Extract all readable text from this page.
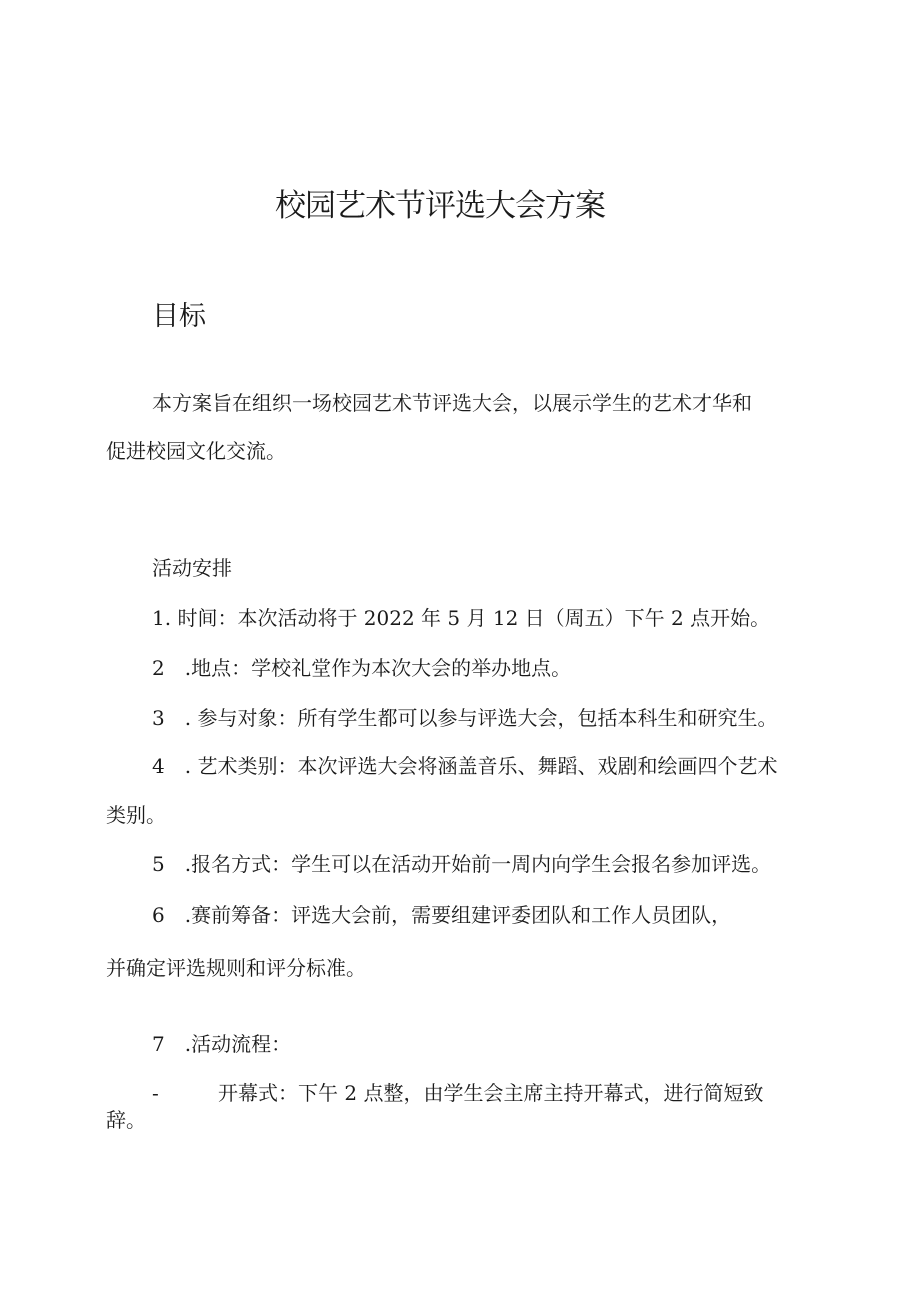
校园艺术节评选大会方案
目标
本方案旨在组织一场校园艺术节评选大会，以展示学生的艺术才华和
促进校园文化交流。
活动安排
1. 时间：本次活动将于 2022 年 5 月 12 日（周五）下午 2 点开始。
2　.地点：学校礼堂作为本次大会的举办地点。
3　. 参与对象：所有学生都可以参与评选大会，包括本科生和研究生。
4　. 艺术类别：本次评选大会将涵盖音乐、舞蹈、戏剧和绘画四个艺术
类别。
5　.报名方式：学生可以在活动开始前一周内向学生会报名参加评选。
6　.赛前筹备：评选大会前，需要组建评委团队和工作人员团队，
并确定评选规则和评分标准。
7　.活动流程：
-	开幕式：下午 2 点整，由学生会主席主持开幕式，进行简短致
辞。
